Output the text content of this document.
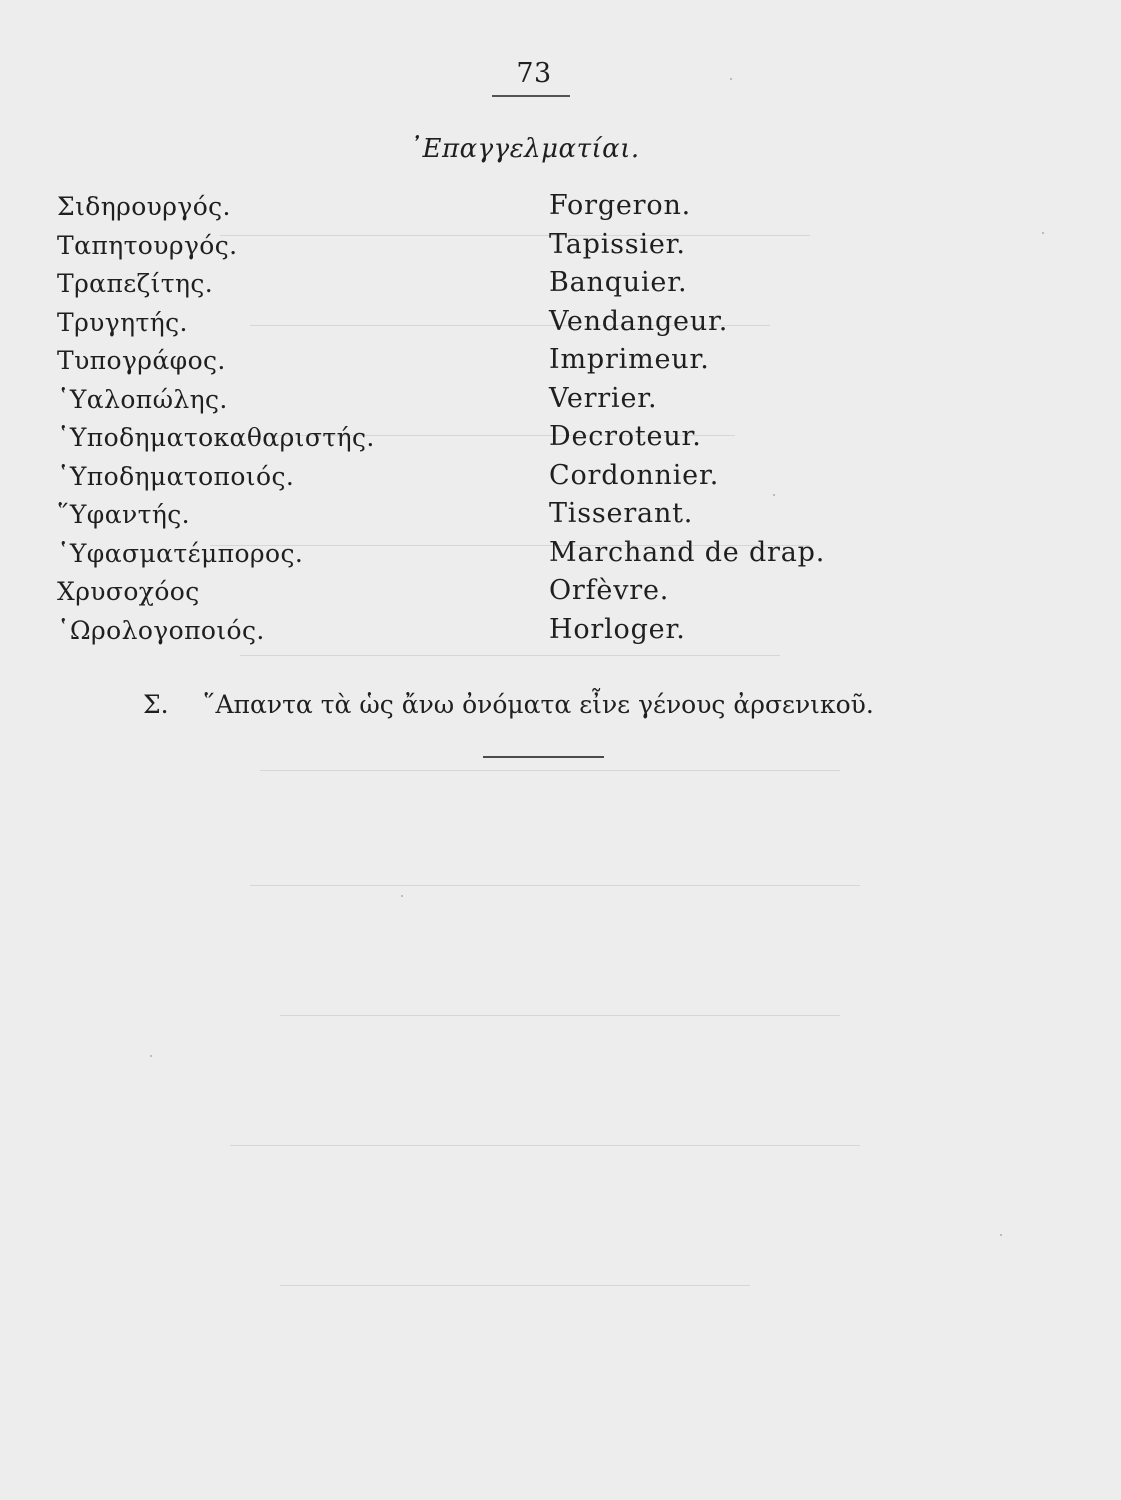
73
᾿Επαγγελματίαι.
Σιδηρουργός.	Forgeron.
Ταπητουργός.	Tapissier.
Τραπεζίτης.	Banquier.
Τρυγητής.	Vendangeur.
Τυπογράφος.	Imprimeur.
῾Υαλοπώλης.	Verrier.
῾Υποδηματοκαθαριστής.	Decroteur.
῾Υποδηματοποιός.	Cordonnier.
῞Υφαντής.	Tisserant.
῾Υφασματέμπορος.	Marchand de drap.
Χρυσοχόος	Orfèvre.
῾Ωρολογοποιός.	Horloger.
Σ. ῞Απαντα τὰ ὡς ἄνω ὀνόματα εἶνε γένους ἀρσενικοῦ.
